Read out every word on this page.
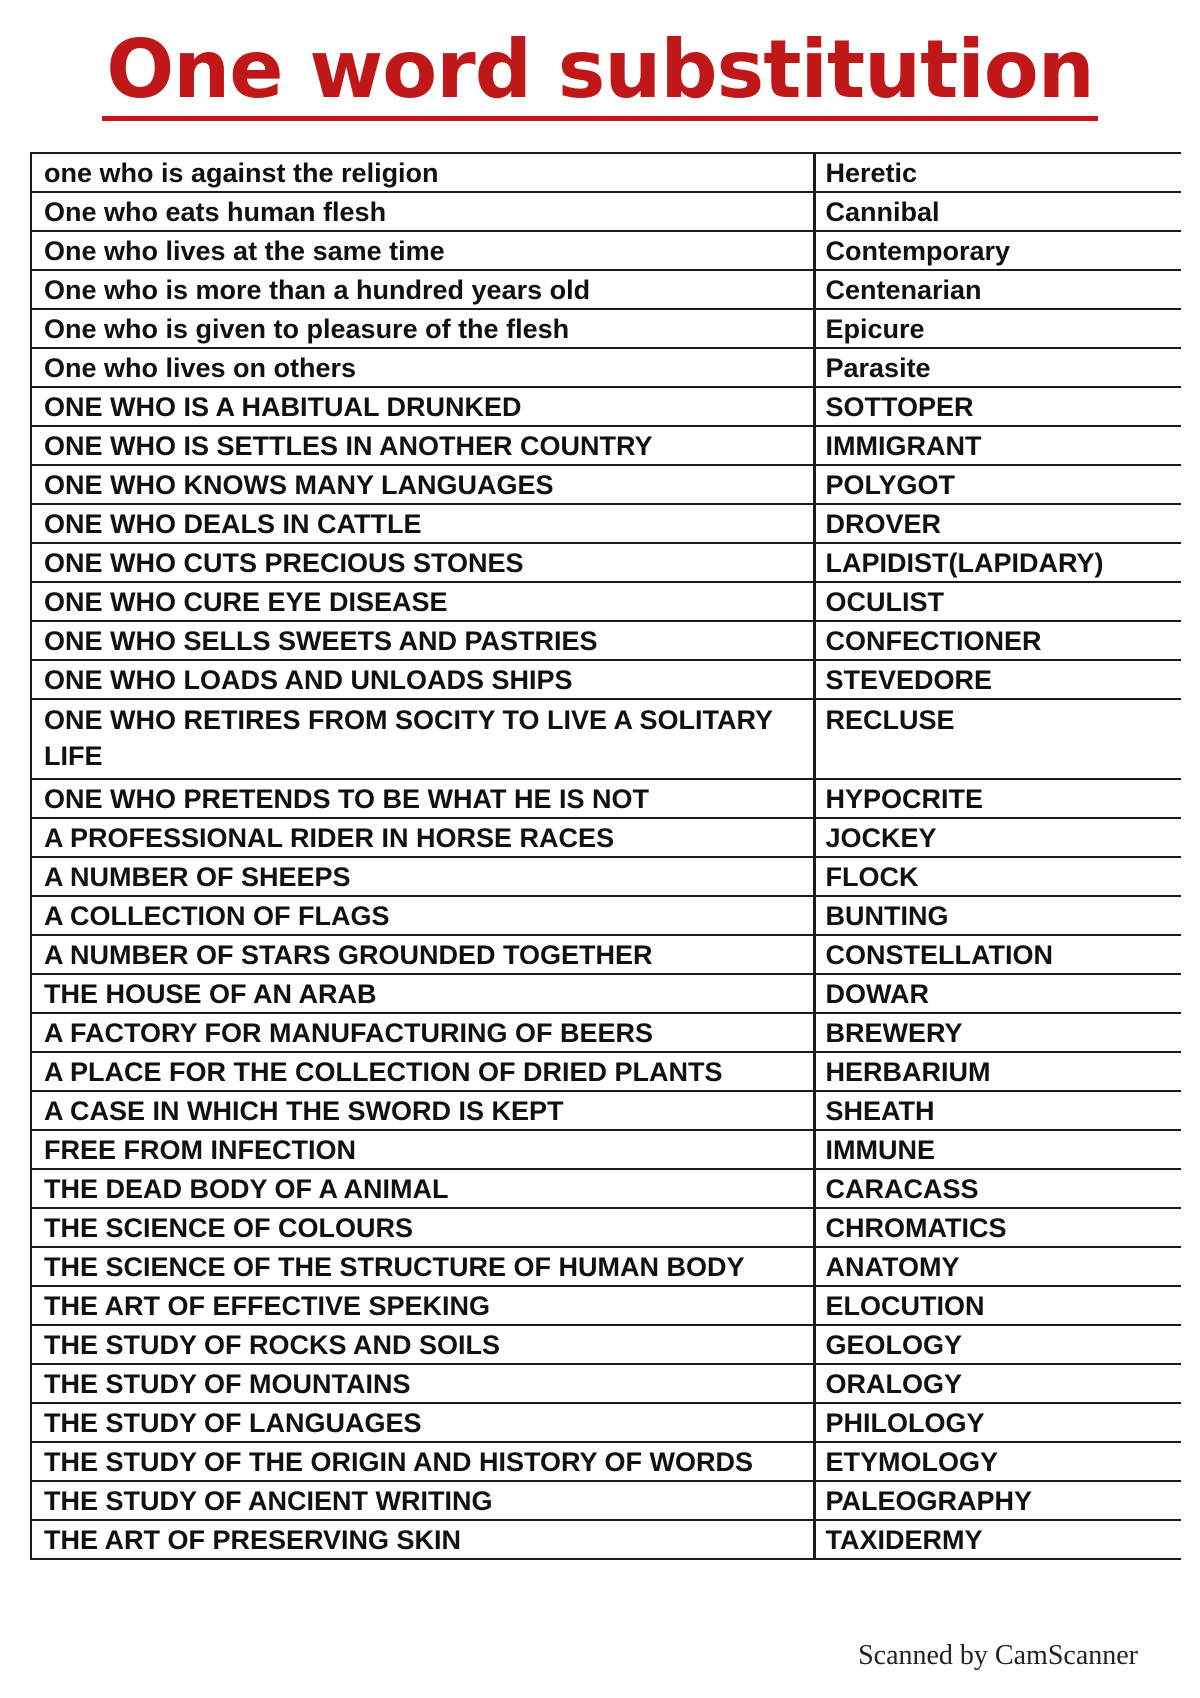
One word substitution
one who is against the religion	Heretic
One who eats human flesh	Cannibal
One who lives at the same time	Contemporary
One who is more than a hundred years old	Centenarian
One who is given to pleasure of the flesh	Epicure
One who lives on others	Parasite
ONE WHO IS A HABITUAL DRUNKED	SOTTOPER
ONE WHO IS SETTLES IN ANOTHER COUNTRY	IMMIGRANT
ONE WHO KNOWS MANY LANGUAGES	POLYGOT
ONE WHO DEALS IN CATTLE	DROVER
ONE WHO CUTS PRECIOUS STONES	LAPIDIST(LAPIDARY)
ONE WHO CURE EYE DISEASE	OCULIST
ONE WHO SELLS SWEETS AND PASTRIES	CONFECTIONER
ONE WHO LOADS AND UNLOADS SHIPS	STEVEDORE
ONE WHO RETIRES FROM SOCITY TO LIVE A SOLITARY LIFE	RECLUSE
ONE WHO PRETENDS TO BE WHAT HE IS NOT	HYPOCRITE
A PROFESSIONAL RIDER IN HORSE RACES	JOCKEY
A NUMBER OF SHEEPS	FLOCK
A COLLECTION OF FLAGS	BUNTING
A NUMBER OF STARS GROUNDED TOGETHER	CONSTELLATION
THE HOUSE OF AN ARAB	DOWAR
A FACTORY FOR MANUFACTURING OF BEERS	BREWERY
A PLACE FOR THE COLLECTION OF DRIED PLANTS	HERBARIUM
A CASE IN WHICH THE SWORD IS KEPT	SHEATH
FREE FROM INFECTION	IMMUNE
THE DEAD BODY OF A ANIMAL	CARACASS
THE SCIENCE OF COLOURS	CHROMATICS
THE SCIENCE OF THE STRUCTURE OF HUMAN BODY	ANATOMY
THE ART OF EFFECTIVE SPEKING	ELOCUTION
THE STUDY OF ROCKS AND SOILS	GEOLOGY
THE STUDY OF MOUNTAINS	ORALOGY
THE STUDY OF LANGUAGES	PHILOLOGY
THE STUDY OF THE ORIGIN AND HISTORY OF WORDS	ETYMOLOGY
THE STUDY OF ANCIENT WRITING	PALEOGRAPHY
THE ART OF PRESERVING SKIN	TAXIDERMY
Scanned by CamScanner
